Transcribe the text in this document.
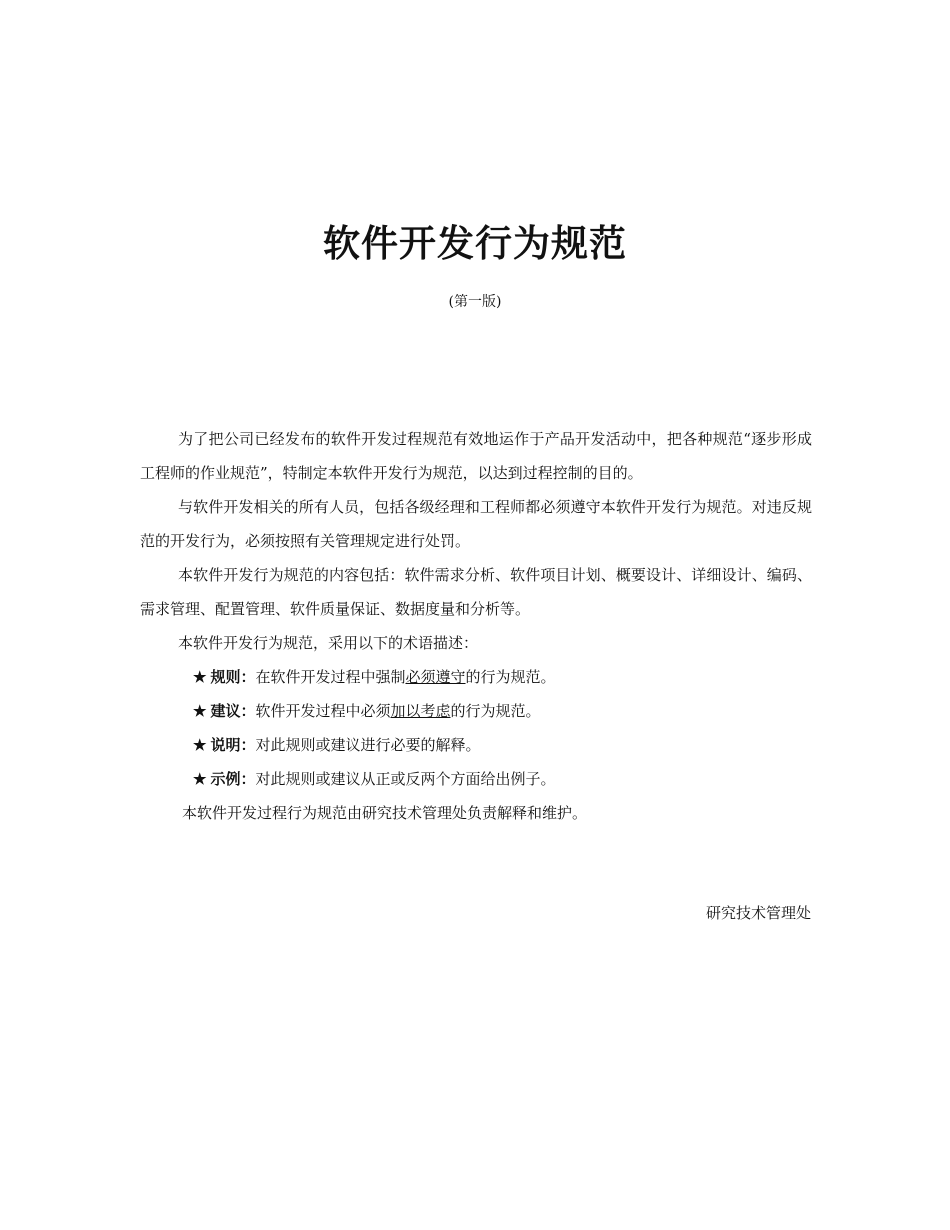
软件开发行为规范
(第一版)

为了把公司已经发布的软件开发过程规范有效地运作于产品开发活动中，把各种规范“逐步形成工程师的作业规范”，特制定本软件开发行为规范，以达到过程控制的目的。

与软件开发相关的所有人员，包括各级经理和工程师都必须遵守本软件开发行为规范。对违反规范的开发行为，必须按照有关管理规定进行处罚。

本软件开发行为规范的内容包括：软件需求分析、软件项目计划、概要设计、详细设计、编码、需求管理、配置管理、软件质量保证、数据度量和分析等。

本软件开发行为规范，采用以下的术语描述：

★ 规则：在软件开发过程中强制必须遵守的行为规范。
★ 建议：软件开发过程中必须加以考虑的行为规范。
★ 说明：对此规则或建议进行必要的解释。
★ 示例：对此规则或建议从正或反两个方面给出例子。
本软件开发过程行为规范由研究技术管理处负责解释和维护。
研究技术管理处
